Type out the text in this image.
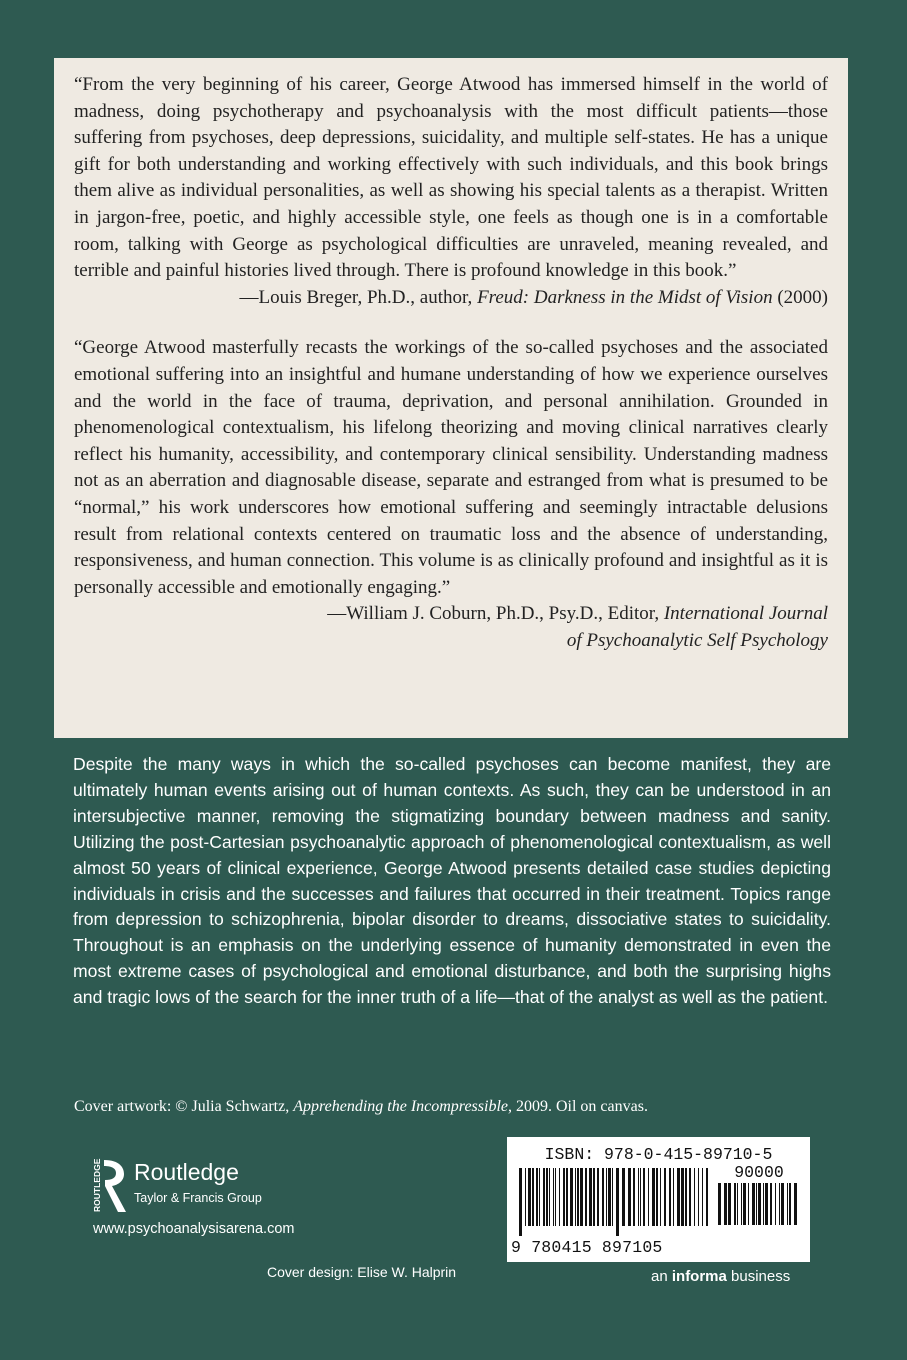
“From the very beginning of his career, George Atwood has immersed himself in the world of madness, doing psychotherapy and psychoanalysis with the most difficult patients—those suffering from psychoses, deep depressions, suicidality, and multiple self-states. He has a unique gift for both understanding and working effectively with such individuals, and this book brings them alive as individual personalities, as well as showing his special talents as a therapist. Written in jargon-free, poetic, and highly accessible style, one feels as though one is in a comfortable room, talking with George as psychological difficulties are unraveled, meaning revealed, and terrible and painful histories lived through. There is profound knowledge in this book.”

—Louis Breger, Ph.D., author, Freud: Darkness in the Midst of Vision (2000)

“George Atwood masterfully recasts the workings of the so-called psychoses and the associated emotional suffering into an insightful and humane understanding of how we experience ourselves and the world in the face of trauma, deprivation, and personal annihilation. Grounded in phenomenological contextualism, his lifelong theorizing and moving clinical narratives clearly reflect his humanity, accessibility, and contemporary clinical sensibility. Understanding madness not as an aberration and diagnosable disease, separate and estranged from what is presumed to be “normal,” his work underscores how emotional suffering and seemingly intractable delusions result from relational contexts centered on traumatic loss and the absence of understanding, responsiveness, and human connection. This volume is as clinically profound and insightful as it is personally accessible and emotionally engaging.”

—William J. Coburn, Ph.D., Psy.D., Editor, International Journal
of Psychoanalytic Self Psychology

Despite the many ways in which the so-called psychoses can become manifest, they are ultimately human events arising out of human contexts. As such, they can be understood in an intersubjective manner, removing the stigmatizing boundary between madness and sanity. Utilizing the post-Cartesian psychoanalytic approach of phenomenological contextualism, as well almost 50 years of clinical experience, George Atwood presents detailed case studies depicting individuals in crisis and the successes and failures that occurred in their treatment. Topics range from depression to schizophrenia, bipolar disorder to dreams, dissociative states to suicidality. Throughout is an emphasis on the underlying essence of humanity demonstrated in even the most extreme cases of psychological and emotional disturbance, and both the surprising highs and tragic lows of the search for the inner truth of a life—that of the analyst as well as the patient.

Cover artwork: © Julia Schwartz, Apprehending the Incompressible, 2009. Oil on canvas.
ROUTLEDGE Routledge
Taylor & Francis Group
www.psychoanalysisarena.com
Cover design: Elise W. Halprin
ISBN: 978-0-415-89710-5
90000
9 780415 897105
an informa business
